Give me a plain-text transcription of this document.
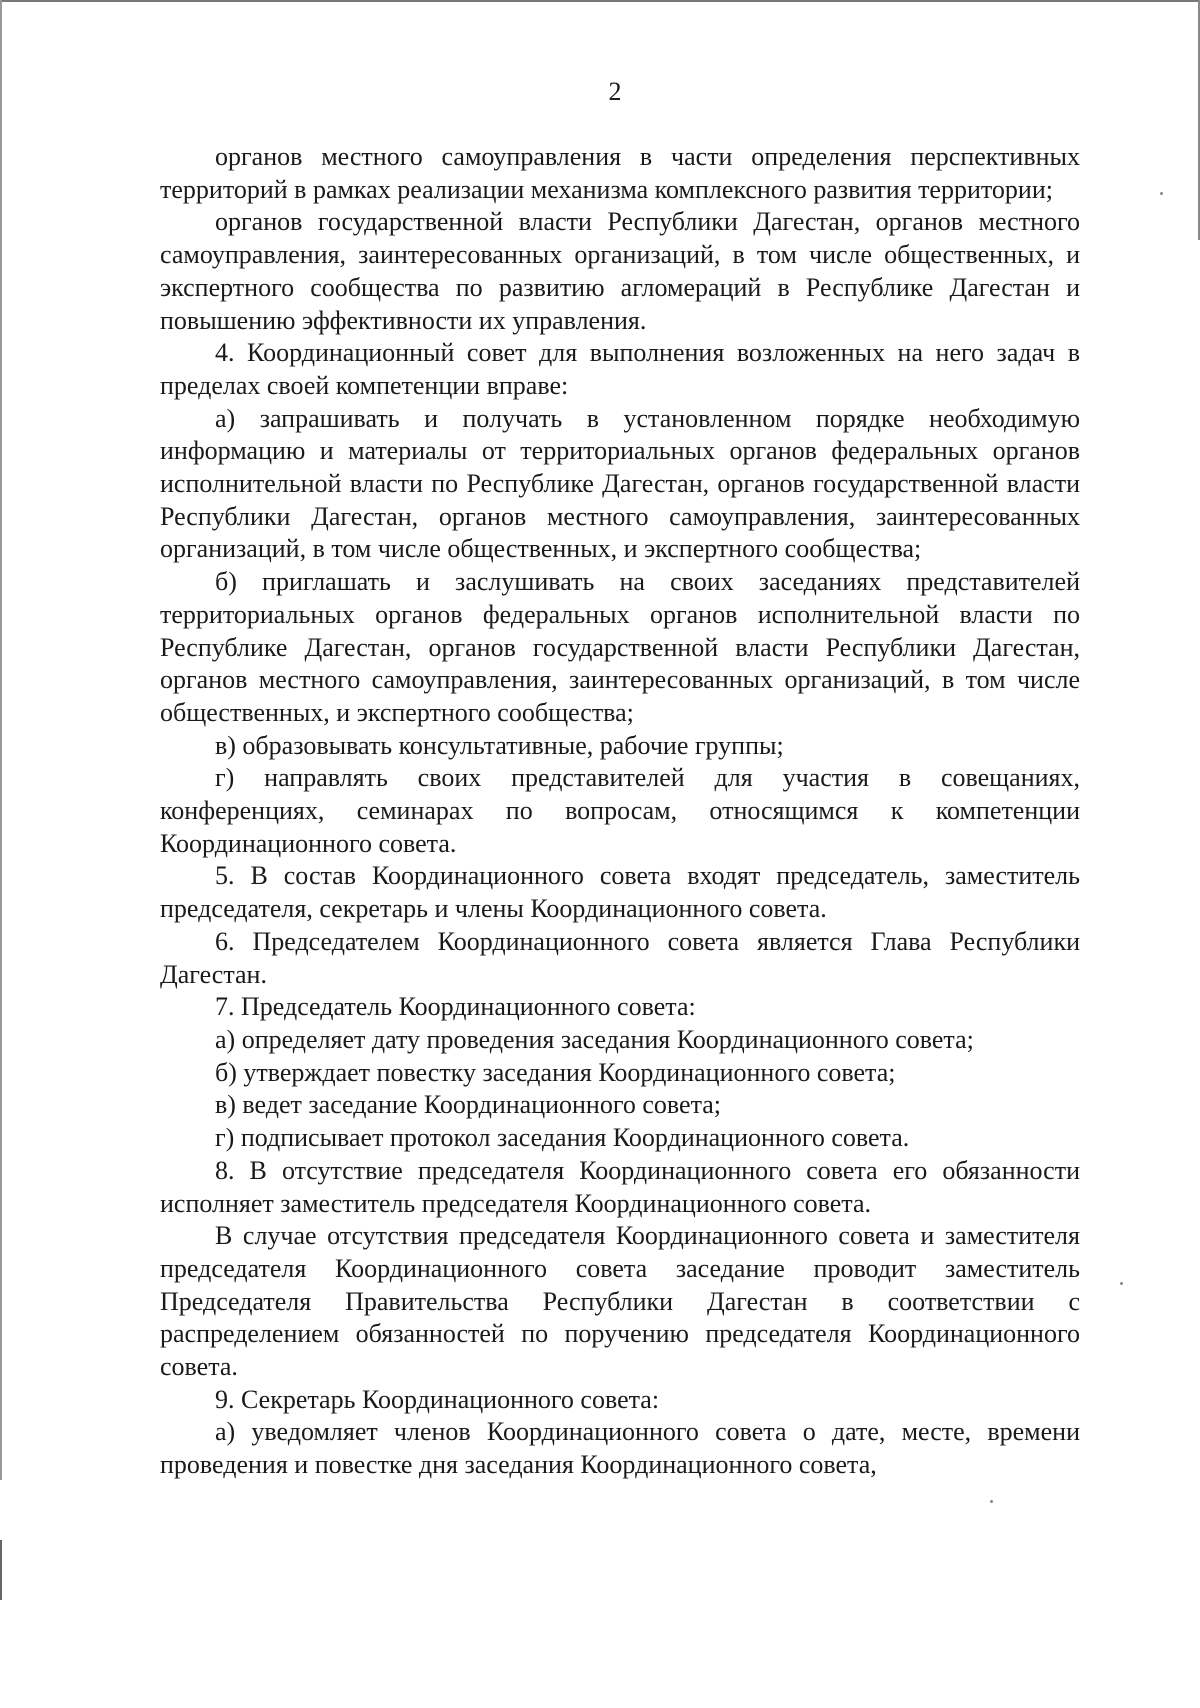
2

органов местного самоуправления в части определения перспективных территорий в рамках реализации механизма комплексного развития территории;

органов государственной власти Республики Дагестан, органов местного самоуправления, заинтересованных организаций, в том числе общественных, и экспертного сообщества по развитию агломераций в Республике Дагестан и повышению эффективности их управления.

4. Координационный совет для выполнения возложенных на него задач в пределах своей компетенции вправе:

а) запрашивать и получать в установленном порядке необходимую информацию и материалы от территориальных органов федеральных органов исполнительной власти по Республике Дагестан, органов государственной власти Республики Дагестан, органов местного самоуправления, заинтересованных организаций, в том числе общественных, и экспертного сообщества;

б) приглашать и заслушивать на своих заседаниях представителей территориальных органов федеральных органов исполнительной власти по Республике Дагестан, органов государственной власти Республики Дагестан, органов местного самоуправления, заинтересованных организаций, в том числе общественных, и экспертного сообщества;

в) образовывать консультативные, рабочие группы;

г) направлять своих представителей для участия в совещаниях, конференциях, семинарах по вопросам, относящимся к компетенции Координационного совета.

5. В состав Координационного совета входят председатель, заместитель председателя, секретарь и члены Координационного совета.

6. Председателем Координационного совета является Глава Республики Дагестан.

7. Председатель Координационного совета:

а) определяет дату проведения заседания Координационного совета;

б) утверждает повестку заседания Координационного совета;

в) ведет заседание Координационного совета;

г) подписывает протокол заседания Координационного совета.

8. В отсутствие председателя Координационного совета его обязанности исполняет заместитель председателя Координационного совета.

В случае отсутствия председателя Координационного совета и заместителя председателя Координационного совета заседание проводит заместитель Председателя Правительства Республики Дагестан в соответствии с распределением обязанностей по поручению председателя Координационного совета.

9. Секретарь Координационного совета:

а) уведомляет членов Координационного совета о дате, месте, времени проведения и повестке дня заседания Координационного совета,
